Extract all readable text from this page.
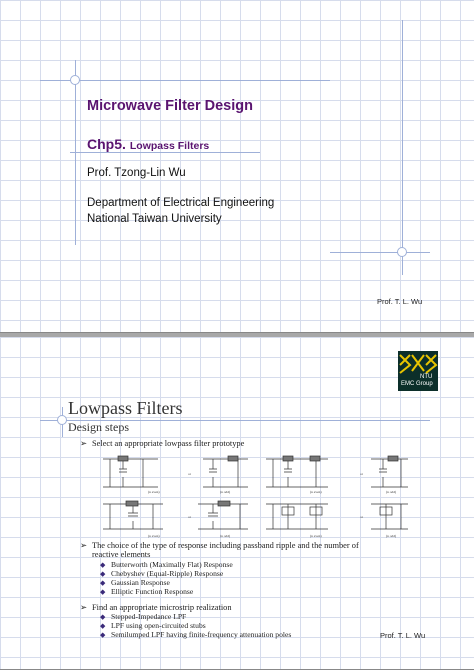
Microwave Filter Design
Chp5. Lowpass Filters
Prof. Tzong-Lin Wu
Department of Electrical Engineering
National Taiwan University
Prof. T. L. Wu
NTU
EMC Group
Lowpass Filters
Design steps
➢ Select an appropriate lowpass filter prototype
(n even)	(n odd)	(n even)	(n odd)
(n even)	(n odd)	(n even)	(n odd)
or	or
or	or
➢ The choice of the type of response including passband ripple and the number of
reactive elements
◆ Butterworth (Maximally Flat) Response
◆ Chebyshev (Equal-Ripple) Response
◆ Gaussian Response
◆ Elliptic Function Response
➢ Find an appropriate microstrip realization
◆ Stepped-Impedance LPF
◆ LPF using open-circuited stubs
◆ Semilumped LPF having finite-frequency attenuation poles	Prof. T. L. Wu
